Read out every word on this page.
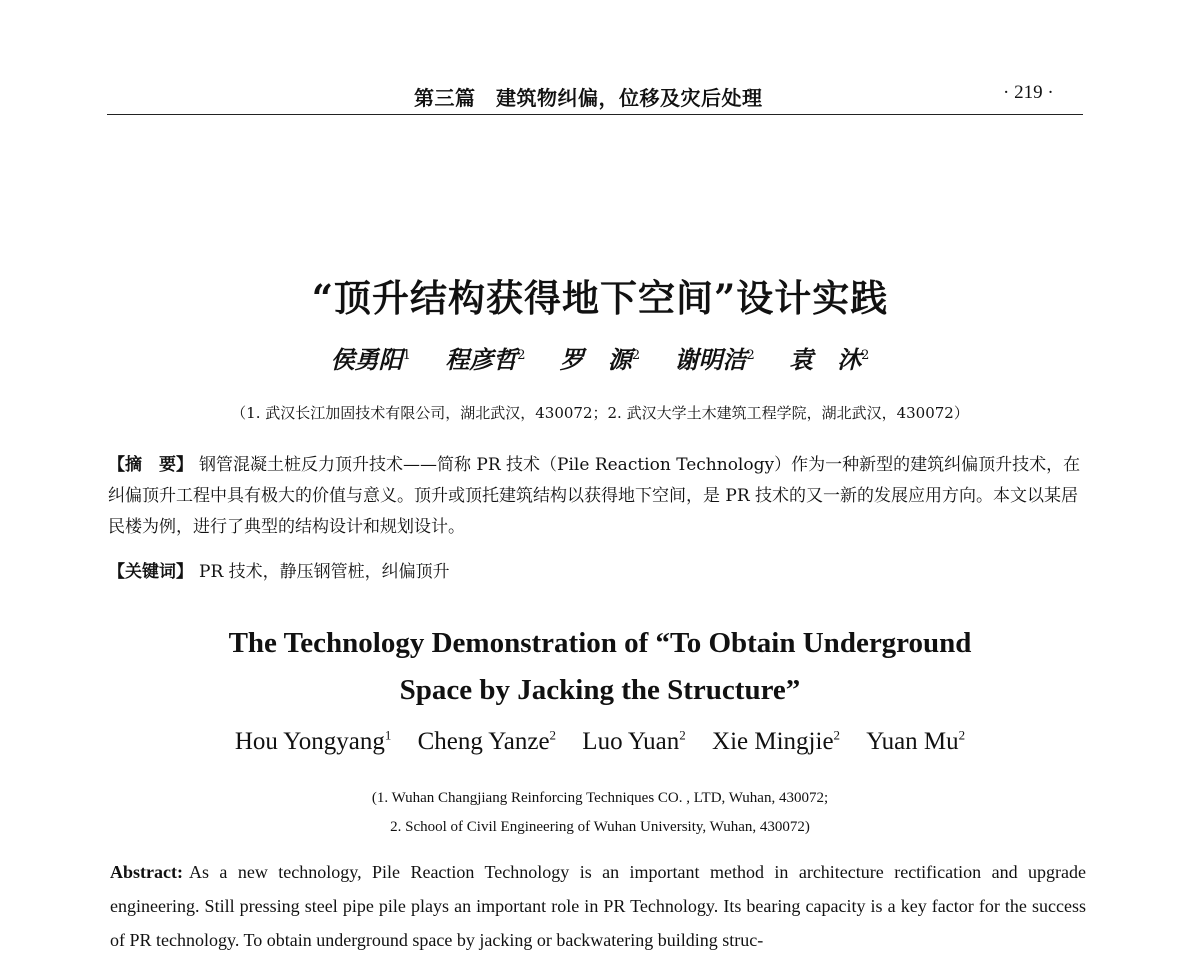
第三篇　建筑物纠偏，位移及灾后处理	· 219 ·
“顶升结构获得地下空间”设计实践
侯勇阳$^1$ 程彦哲$^2$ 罗　源$^2$ 谢明洁$^2$ 袁　沐$^2$
（1. 武汉长江加固技术有限公司，湖北武汉，430072；2. 武汉大学土木建筑工程学院，湖北武汉，430072）
【摘　要】 钢管混凝土桩反力顶升技术——简称 PR 技术（Pile Reaction Technology）作为一种新型的建筑纠偏顶升技术，在纠偏顶升工程中具有极大的价值与意义。顶升或顶托建筑结构以获得地下空间，是 PR 技术的又一新的发展应用方向。本文以某居民楼为例，进行了典型的结构设计和规划设计。
【关键词】 PR 技术，静压钢管桩，纠偏顶升
The Technology Demonstration of “To Obtain Underground
Space by Jacking the Structure”
Hou Yongyang$^1$ Cheng Yanze$^2$ Luo Yuan$^2$ Xie Mingjie$^2$ Yuan Mu$^2$
(1. Wuhan Changjiang Reinforcing Techniques CO. , LTD, Wuhan, 430072;
2. School of Civil Engineering of Wuhan University, Wuhan, 430072)
Abstract: As a new technology, Pile Reaction Technology is an important method in architecture rectification and upgrade engineering. Still pressing steel pipe pile plays an important role in PR Technology. Its bearing capacity is a key factor for the success of PR technology. To obtain underground space by jacking or backwatering building struc-
